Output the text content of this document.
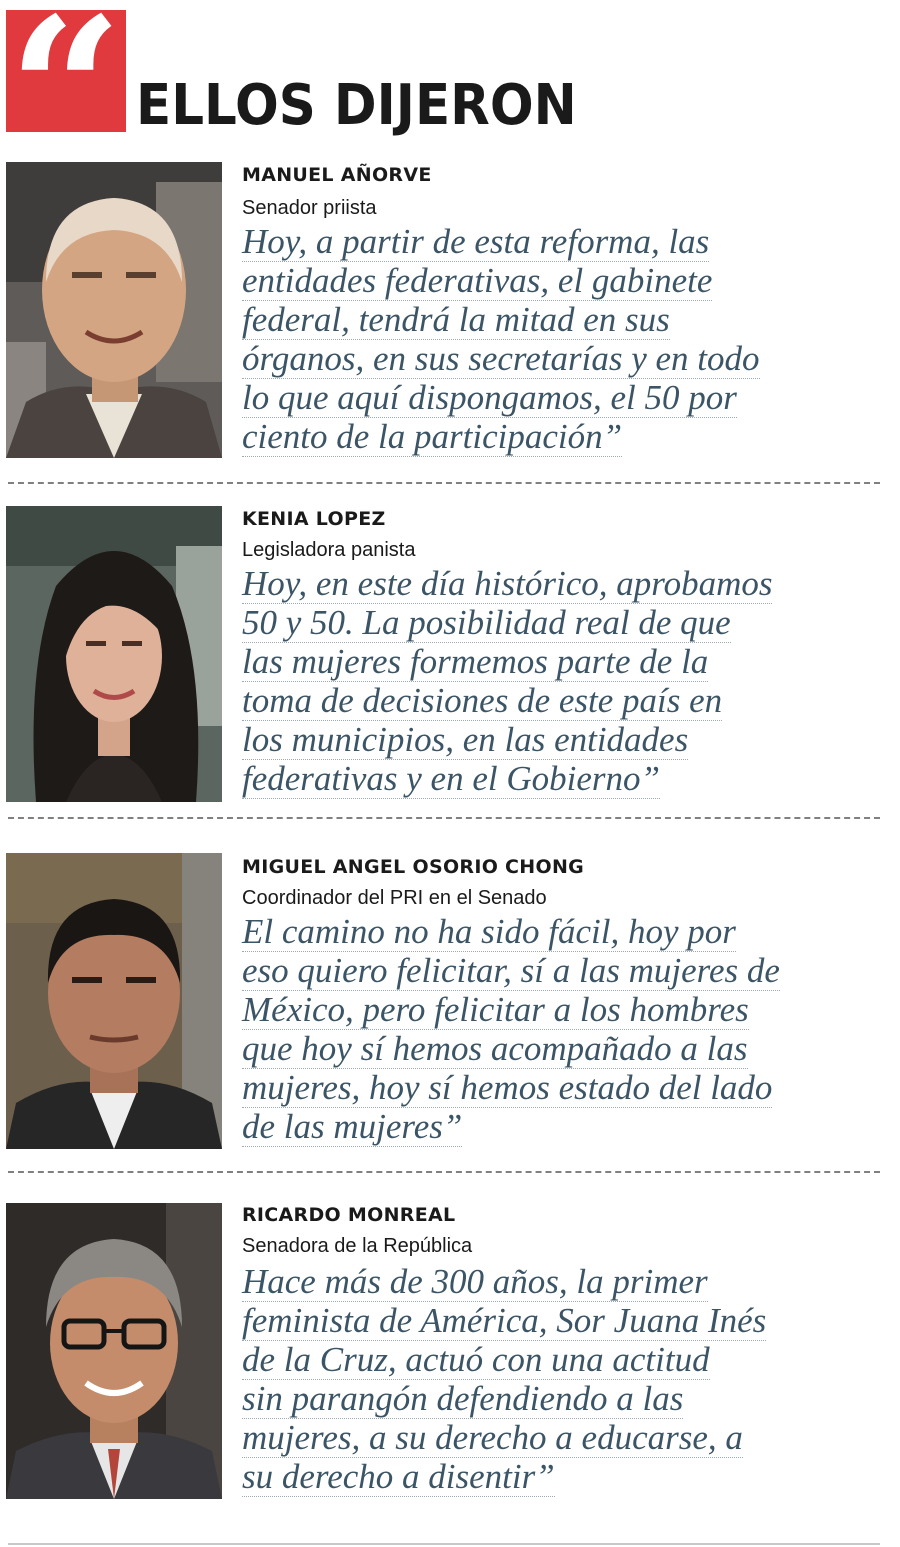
“ ELLOS DIJERON
MANUEL AÑORVE
Senador priista
Hoy, a partir de esta reforma, las
entidades federativas, el gabinete
federal, tendrá la mitad en sus
órganos, en sus secretarías y en todo
lo que aquí dispongamos, el 50 por
ciento de la participación”
KENIA LOPEZ
Legisladora panista
Hoy, en este día histórico, aprobamos
50 y 50. La posibilidad real de que
las mujeres formemos parte de la
toma de decisiones de este país en
los municipios, en las entidades
federativas y en el Gobierno”
MIGUEL ANGEL OSORIO CHONG
Coordinador del PRI en el Senado
El camino no ha sido fácil, hoy por
eso quiero felicitar, sí a las mujeres de
México, pero felicitar a los hombres
que hoy sí hemos acompañado a las
mujeres, hoy sí hemos estado del lado
de las mujeres”
RICARDO MONREAL
Senadora de la República
Hace más de 300 años, la primer
feminista de América, Sor Juana Inés
de la Cruz, actuó con una actitud
sin parangón defendiendo a las
mujeres, a su derecho a educarse, a
su derecho a disentir”
